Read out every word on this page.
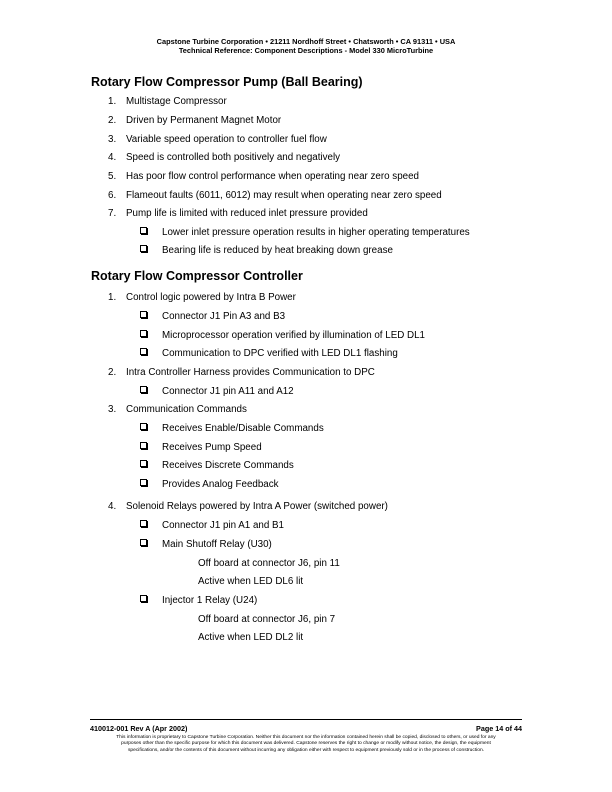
Capstone Turbine Corporation • 21211 Nordhoff Street • Chatsworth • CA 91311 • USA
Technical Reference: Component Descriptions - Model 330 MicroTurbine
Rotary Flow Compressor Pump (Ball Bearing)
1.	Multistage Compressor
2.	Driven by Permanent Magnet Motor
3.	Variable speed operation to controller fuel flow
4.	Speed is controlled both positively and negatively
5.	Has poor flow control performance when operating near zero speed
6.	Flameout faults (6011, 6012) may result when operating near zero speed
7.	Pump life is limited with reduced inlet pressure provided
Lower inlet pressure operation results in higher operating temperatures
Bearing life is reduced by heat breaking down grease
Rotary Flow Compressor Controller
1.	Control logic powered by Intra B Power
Connector J1 Pin A3 and B3
Microprocessor operation verified by illumination of LED DL1
Communication to DPC verified with LED DL1 flashing
2.	Intra Controller Harness provides Communication to DPC
Connector J1 pin A11 and A12
3.	Communication Commands
Receives Enable/Disable Commands
Receives Pump Speed
Receives Discrete Commands
Provides Analog Feedback
4.	Solenoid Relays powered by Intra A Power (switched power)
Connector J1 pin A1 and B1
Main Shutoff Relay (U30)
Off board at connector J6, pin 11
Active when LED DL6 lit
Injector 1 Relay (U24)
Off board at connector J6, pin 7
Active when LED DL2 lit
410012-001 Rev A (Apr 2002)	Page 14 of 44
This information is proprietary to Capstone Turbine Corporation. Neither this document nor the information contained herein shall be copied, disclosed to others, or used for any
purposes other than the specific purpose for which this document was delivered. Capstone reserves the right to change or modify without notice, the design, the equipment
specifications, and/or the contents of this document without incurring any obligation either with respect to equipment previously sold or in the process of construction.
